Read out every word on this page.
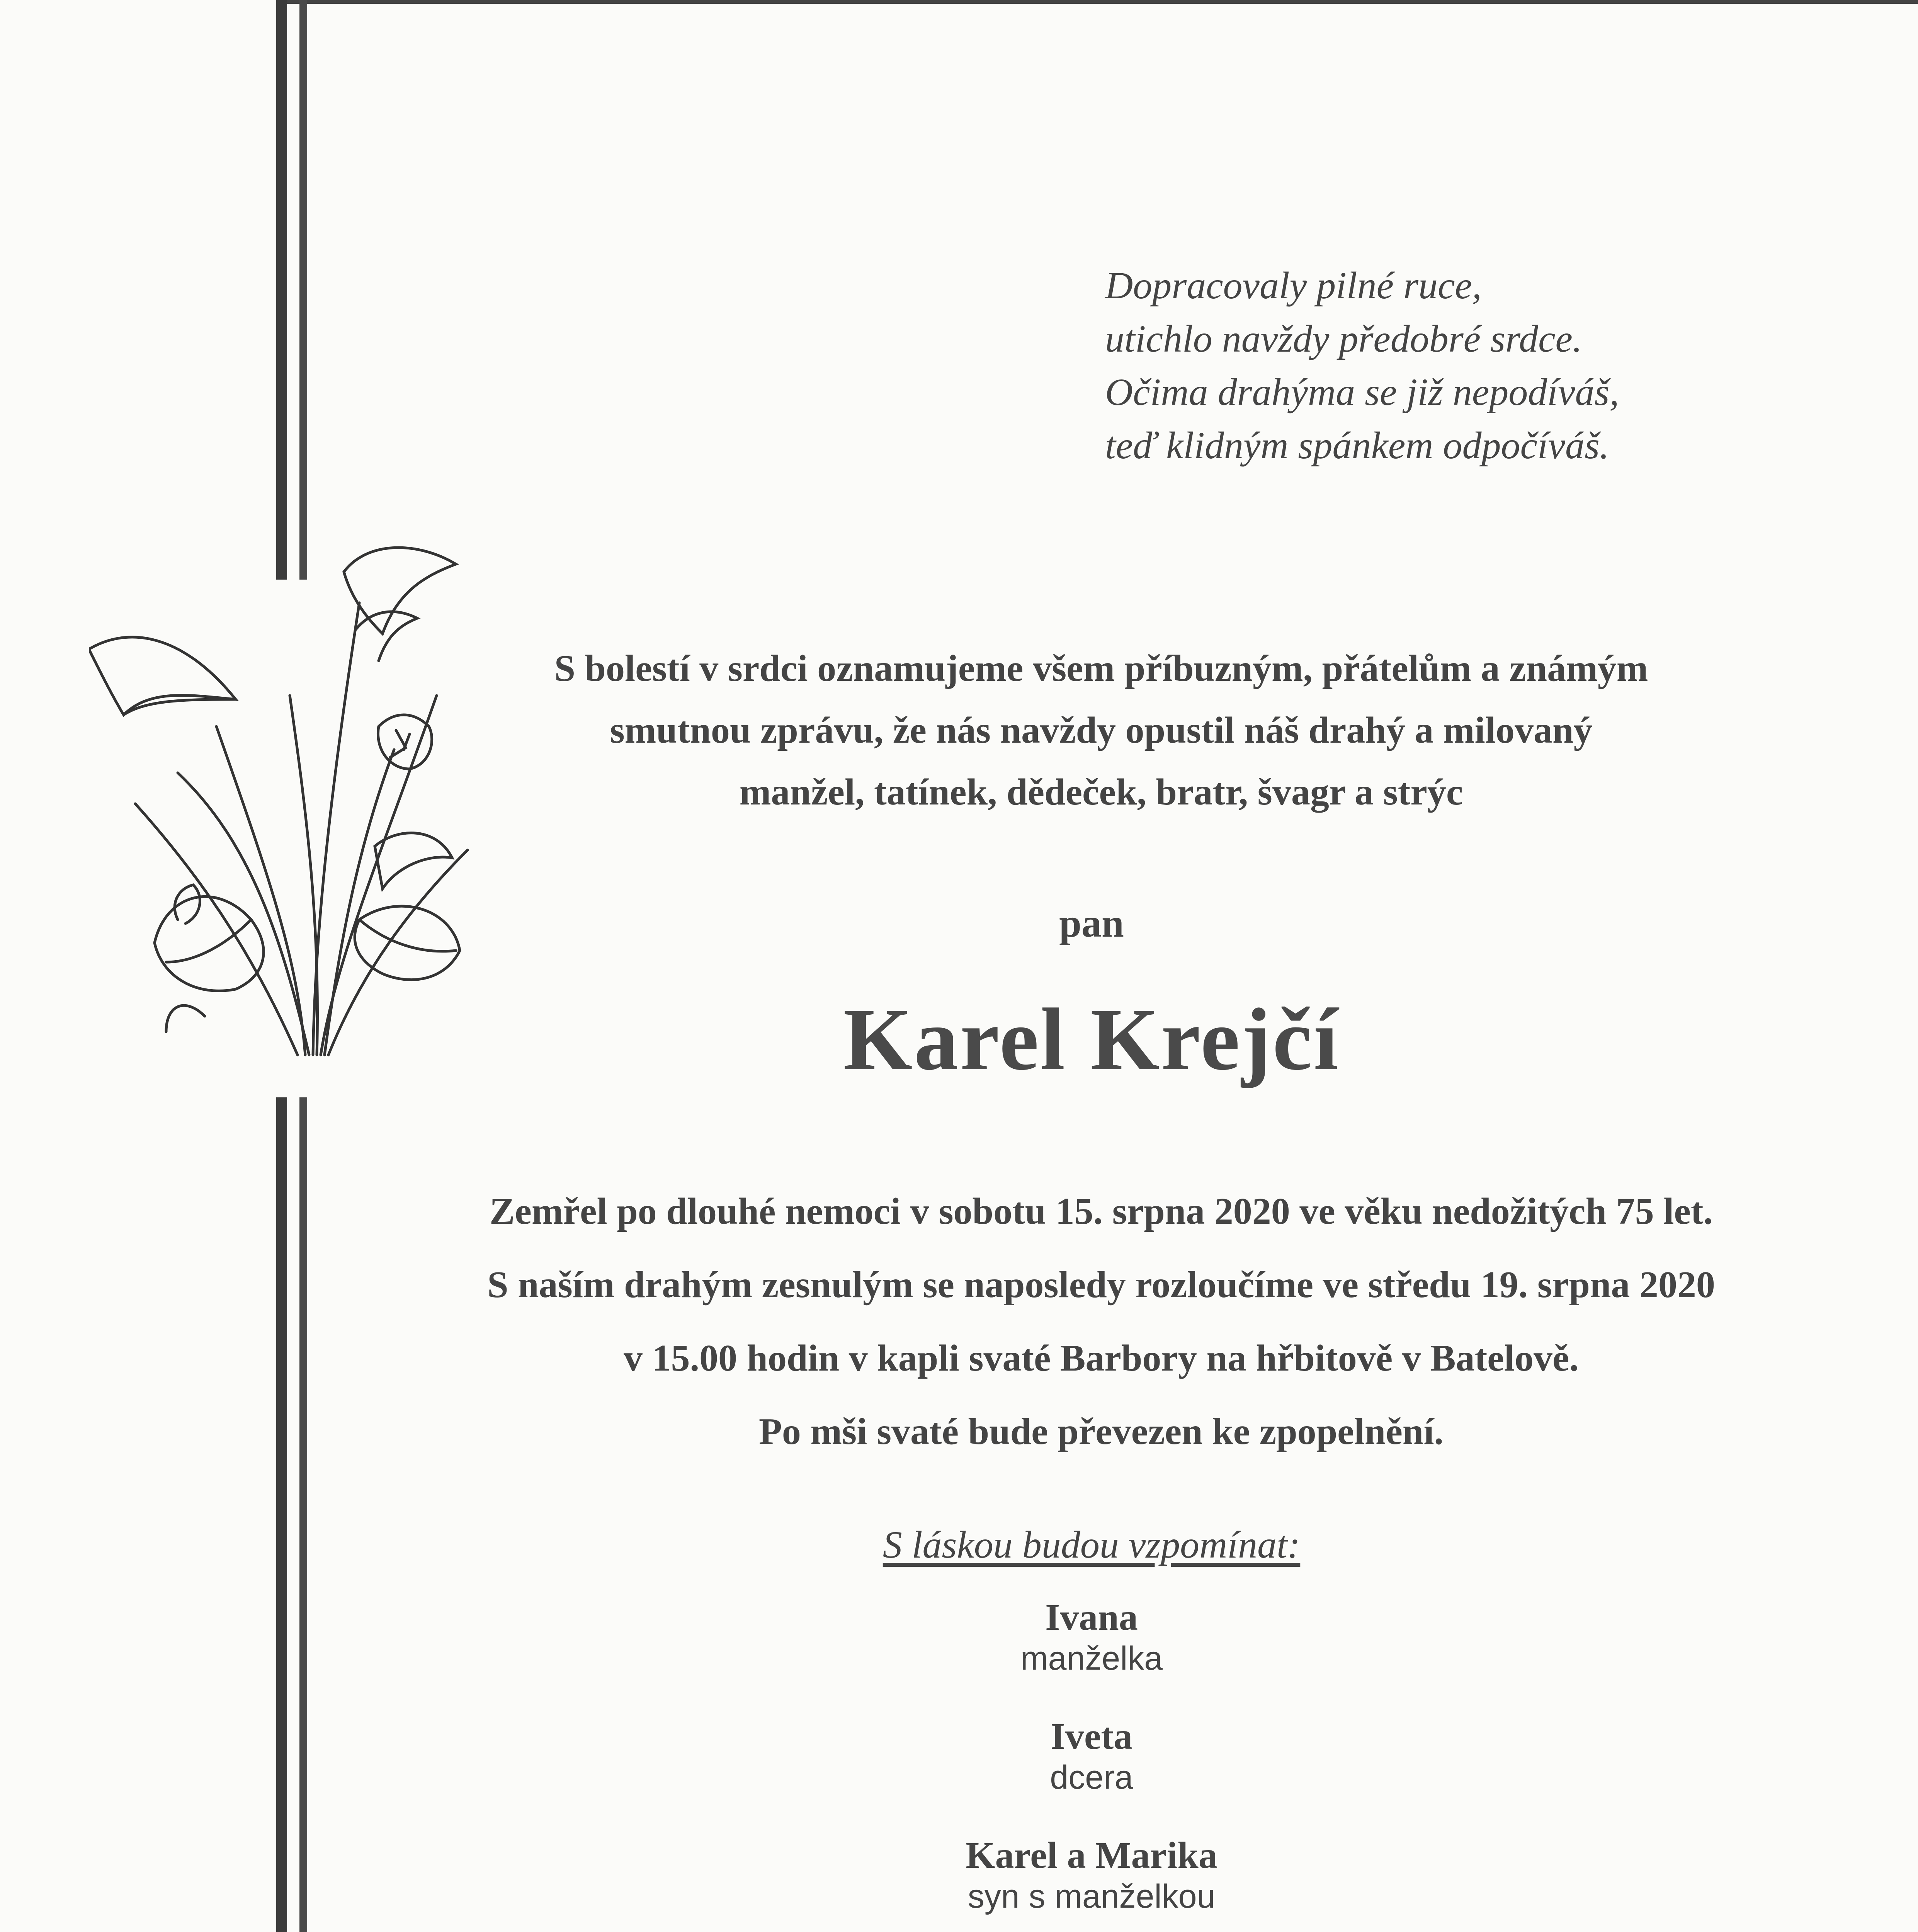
Dopracovaly pilné ruce,
utichlo navždy předobré srdce.
Očima drahýma se již nepodíváš,
teď klidným spánkem odpočíváš.
S bolestí v srdci oznamujeme všem příbuzným, přátelům a známým
smutnou zprávu, že nás navždy opustil náš drahý a milovaný
manžel, tatínek, dědeček, bratr, švagr a strýc
pan
Karel Krejčí
Zemřel po dlouhé nemoci v sobotu 15. srpna 2020 ve věku nedožitých 75 let.
S naším drahým zesnulým se naposledy rozloučíme ve středu 19. srpna 2020
v 15.00 hodin v kapli svaté Barbory na hřbitově v Batelově.
Po mši svaté bude převezen ke zpopelnění.
S láskou budou vzpomínat:
Ivana
manželka
Iveta
dcera
Karel a Marika
syn s manželkou
